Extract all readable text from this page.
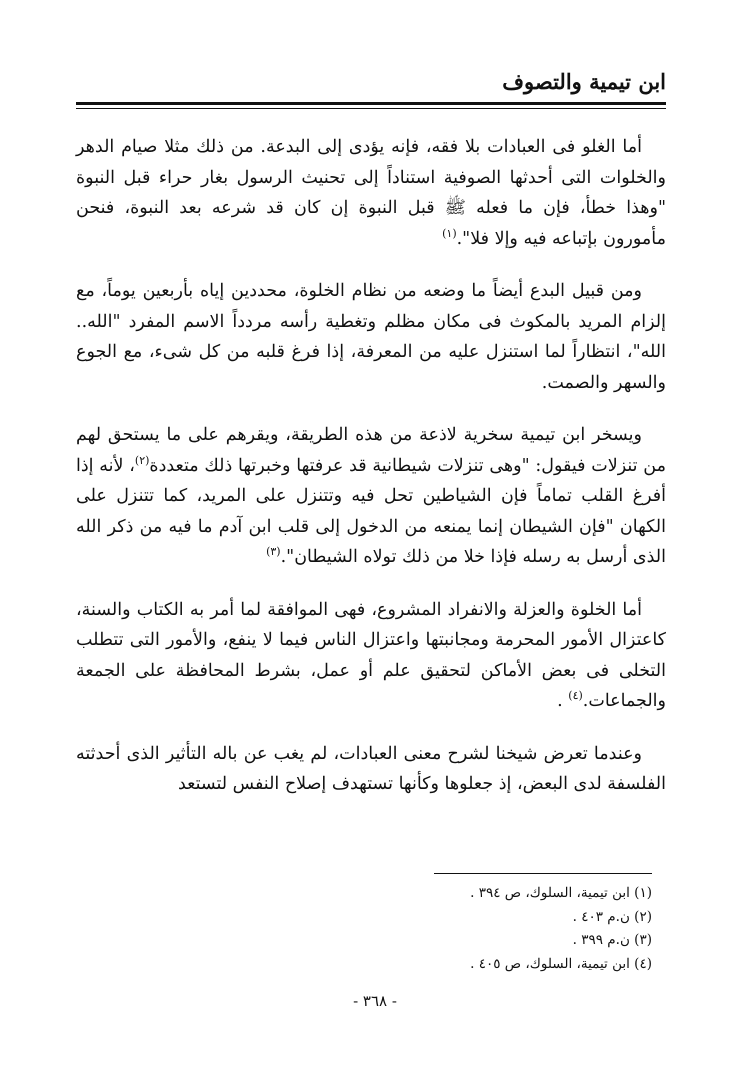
ابن تيمية والتصوف

أما الغلو فى العبادات بلا فقه، فإنه يؤدى إلى البدعة. من ذلك مثلا صيام الدهر والخلوات التى أحدثها الصوفية استناداً إلى تحنيث الرسول بغار حراء قبل النبوة "وهذا خطأ، فإن ما فعله ﷺ قبل النبوة إن كان قد شرعه بعد النبوة، فنحن مأمورون بإتباعه فيه وإلا فلا".$^{(١)}$

ومن قبيل البدع أيضاً ما وضعه من نظام الخلوة، محددين إياه بأربعين يوماً، مع إلزام المريد بالمكوث فى مكان مظلم وتغطية رأسه مردداً الاسم المفرد "الله.. الله"، انتظاراً لما استنزل عليه من المعرفة، إذا فرغ قلبه من كل شىء، مع الجوع والسهر والصمت.

ويسخر ابن تيمية سخرية لاذعة من هذه الطريقة، ويقرهم على ما يستحق لهم من تنزلات فيقول: "وهى تنزلات شيطانية قد عرفتها وخبرتها ذلك متعددة$^{(٢)}$، لأنه إذا أفرغ القلب تماماً فإن الشياطين تحل فيه وتتنزل على المريد، كما تتنزل على الكهان "فإن الشيطان إنما يمنعه من الدخول إلى قلب ابن آدم ما فيه من ذكر الله الذى أرسل به رسله فإذا خلا من ذلك تولاه الشيطان".$^{(٣)}$

أما الخلوة والعزلة والانفراد المشروع، فهى الموافقة لما أمر به الكتاب والسنة، كاعتزال الأمور المحرمة ومجانبتها واعتزال الناس فيما لا ينفع، والأمور التى تتطلب التخلى فى بعض الأماكن لتحقيق علم أو عمل، بشرط المحافظة على الجمعة والجماعات.$^{(٤)}$ .

وعندما تعرض شيخنا لشرح معنى العبادات، لم يغب عن باله التأثير الذى أحدثته الفلسفة لدى البعض، إذ جعلوها وكأنها تستهدف إصلاح النفس لتستعد

(١) ابن تيمية، السلوك، ص ٣٩٤ .
(٢) ن.م ٤٠٣ .
(٣) ن.م ٣٩٩ .
(٤) ابن تيمية، السلوك، ص ٤٠٥ .
- ٣٦٨ -
